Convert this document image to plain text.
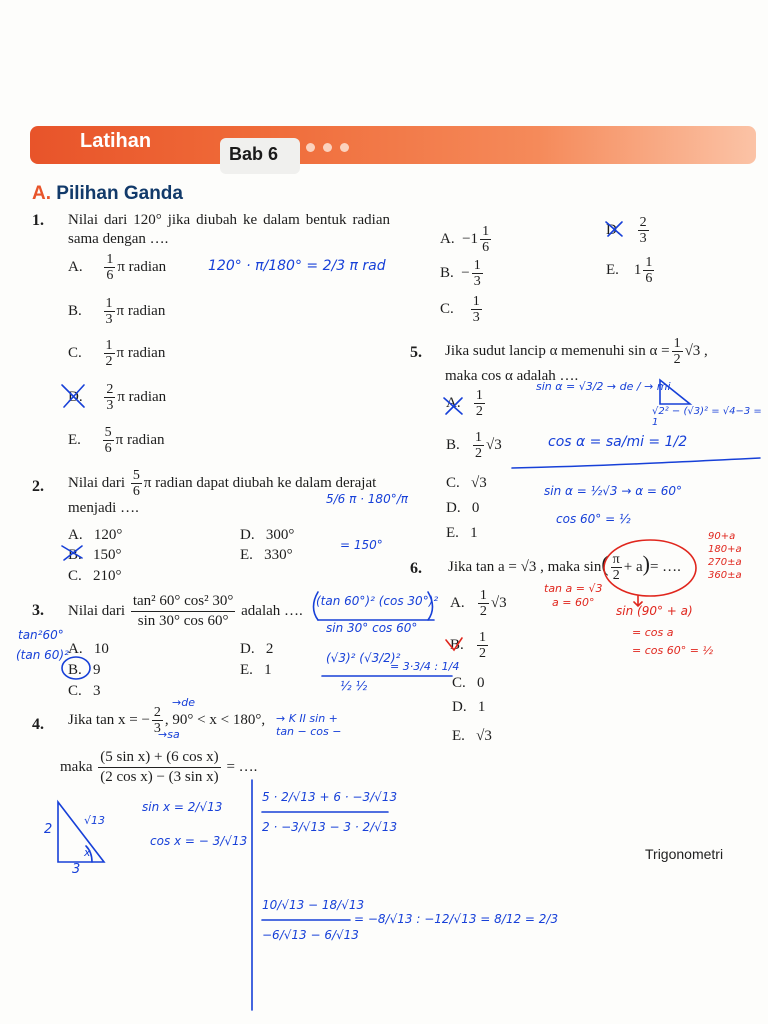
Latihan
Bab 6
A. Pilihan Ganda
1. Nilai dari 120° jika diubah ke dalam bentuk radian sama dengan ….
A. $\frac{1}{6}$ π radian
B. $\frac{1}{3}$ π radian
C. $\frac{1}{2}$ π radian
D. $\frac{2}{3}$ π radian
E. $\frac{5}{6}$ π radian
2. Nilai dari $\frac{5}{6}$ π radian dapat diubah ke dalam derajat menjadi ….
A. 120°
B. 150°
C. 210°
D. 300°
E. 330°
3. Nilai dari $\frac{\text{tan² 60° cos² 30°}}{\sin 30^\circ \cos 60^\circ}$ adalah ….
A. 10
B. 9
C. 3
D. 2
E. 1
4. Jika tan x = − $\frac{2}{3}$ , 90° < x < 180°,
maka $\frac{\text{(5 sin x) + (6 cos x)}}{\text{(2 cos x) − (3 sin x)}}$ = ….
A. $-1 \frac{1}{6}$
B. − $\frac{1}{3}$
C. $\frac{1}{3}$
D. $\frac{2}{3}$
E. $1 \frac{1}{6}$
5. Jika sudut lancip α memenuhi $\sin \alpha = \frac{1}{2} √3$ ,
maka cos α adalah ….
A. $\frac{1}{2}$
B. $\frac{1}{2} √3$
C. √3
D. 0
E. 1
6. Jika tan a = √3 , maka $\sin( \frac{\pi}{2} + a)=$ ….
A. $\frac{1}{2} √3$
B. $\frac{1}{2}$
C. 0
D. 1
E. √3
Trigonometri
120° · π/180° = 2/3 π rad
5/6 π · 180°/π
= 150°
tan²60°
(tan 60)²
(tan 60°)² (cos 30°)²
sin 30° cos 60°
(√3)² (√3/2)²
½ ½
= 3·3/4 : 1/4
→de
→sa
→ K II sin + tan − cos −
sin x = 2/√13
cos x = − 3/√13
2
3
√13
x
5 · 2/√13 + 6 · −3/√13
2 · −3/√13 − 3 · 2/√13
10/√13 − 18/√13
−6/√13 − 6/√13
= −8/√13 : −12/√13 = 8/12 = 2/3
sin α = √3/2 → de / → mi
√2² − (√3)² = √4−3 = 1
cos α = sa/mi = 1/2
sin α = ½√3 → α = 60°
cos 60° = ½
90+a 180+a 270±a 360±a
tan a = √3
a = 60°
sin (90° + a)
= cos a
= cos 60° = ½
